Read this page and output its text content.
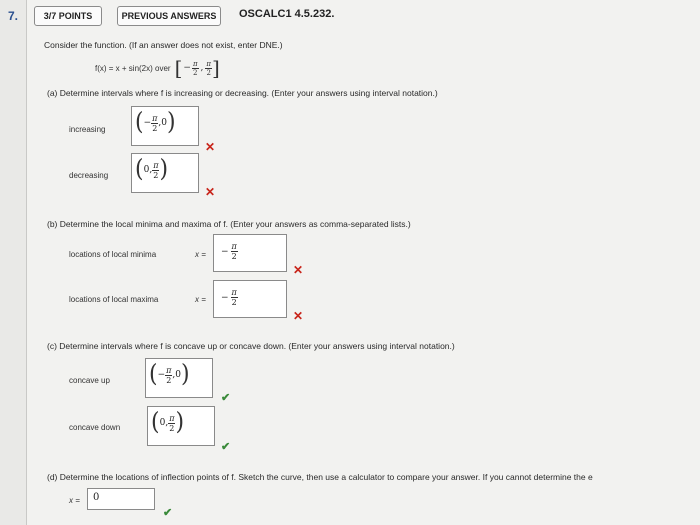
7.	3/7 POINTS	PREVIOUS ANSWERS	OSCALC1 4.5.232.
Consider the function. (If an answer does not exist, enter DNE.)
f(x) = x + sin(2x) over [ − $\frac{\pi}{2}$ , $\frac{\pi}{2}$ ]
(a) Determine intervals where f is increasing or decreasing. (Enter your answers using interval notation.)
increasing ( − $\frac{\pi}{2}$ , 0 )
✕
decreasing ( 0 , $\frac{\pi}{2}$ )
✕
(b) Determine the local minima and maxima of f. (Enter your answers as comma-separated lists.)
locations of local minima	x = − $\frac{\pi}{2}$
✕
locations of local maxima	x = − $\frac{\pi}{2}$
✕
(c) Determine intervals where f is concave up or concave down. (Enter your answers using interval notation.)
concave up ( − $\frac{\pi}{2}$ , 0 )
✔
concave down ( 0 , $\frac{\pi}{2}$ )
✔
(d) Determine the locations of inflection points of f. Sketch the curve, then use a calculator to compare your answer. If you cannot determine the e
x = 0
✔
